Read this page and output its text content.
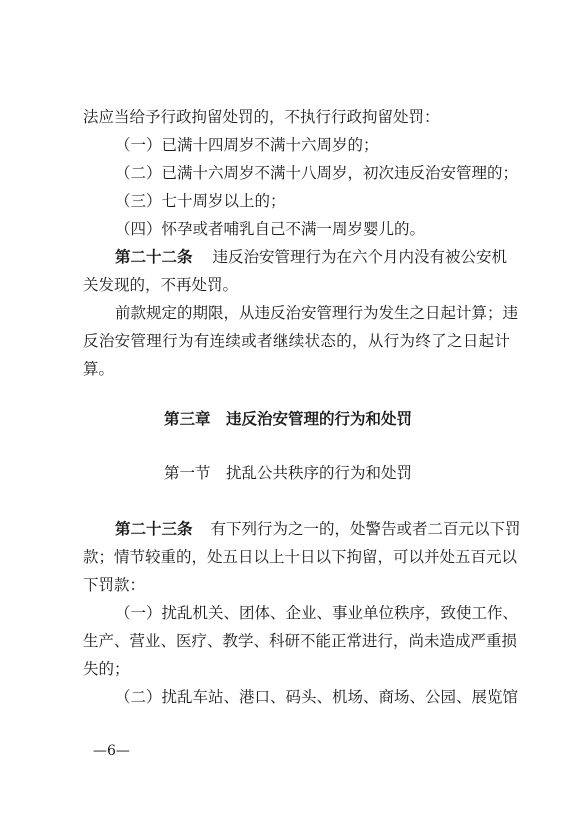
法应当给予行政拘留处罚的，不执行行政拘留处罚：
（一）已满十四周岁不满十六周岁的；
（二）已满十六周岁不满十八周岁，初次违反治安管理的；
（三）七十周岁以上的；
（四）怀孕或者哺乳自己不满一周岁婴儿的。
第二十二条 违反治安管理行为在六个月内没有被公安机
关发现的，不再处罚。
前款规定的期限，从违反治安管理行为发生之日起计算；违
反治安管理行为有连续或者继续状态的，从行为终了之日起计
算。
第三章　违反治安管理的行为和处罚
第一节　扰乱公共秩序的行为和处罚
第二十三条 有下列行为之一的，处警告或者二百元以下罚
款；情节较重的，处五日以上十日以下拘留，可以并处五百元以
下罚款：
（一）扰乱机关、团体、企业、事业单位秩序，致使工作、
生产、营业、医疗、教学、科研不能正常进行，尚未造成严重损
失的；
（二）扰乱车站、港口、码头、机场、商场、公园、展览馆
—6—
